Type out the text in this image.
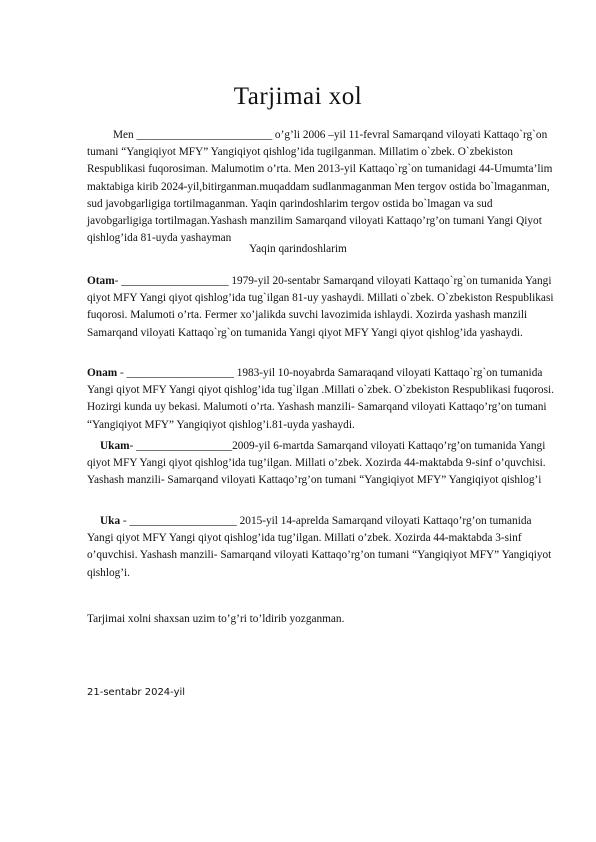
Tarjimai xol

Men ________________________ o’g’li 2006 –yil 11-fevral Samarqand viloyati Kattaqo`rg`on tumani “Yangiqiyot MFY” Yangiqiyot qishlog’ida tugilganman. Millatim o`zbek. O`zbekiston Respublikasi fuqorosiman. Malumotim o’rta. Men 2013-yil Kattaqo`rg`on tumanidagi 44-Umumta’lim maktabiga kirib 2024-yil,bitirganman.muqaddam sudlanmaganman Men tergov ostida bo`lmaganman, sud javobgarligiga tortilmaganman. Yaqin qarindoshlarim tergov ostida bo`lmagan va sud javobgarligiga tortilmagan.Yashash manzilim Samarqand viloyati Kattaqo’rg’on tumani Yangi Qiyot qishlog’ida 81-uyda yashayman

Yaqin qarindoshlarim

Otam- ___________________ 1979-yil 20-sentabr Samarqand viloyati Kattaqo`rg`on tumanida Yangi qiyot MFY Yangi qiyot qishlog’ida tug`ilgan 81-uy yashaydi. Millati o`zbek. O`zbekiston Respublikasi fuqorosi. Malumoti o’rta. Fermer xo’jalikda suvchi lavozimida ishlaydi. Xozirda yashash manzili Samarqand viloyati Kattaqo`rg`on tumanida Yangi qiyot MFY Yangi qiyot qishlog’ida yashaydi.

Onam - ___________________ 1983-yil 10-noyabrda Samaraqand viloyati Kattaqo`rg`on tumanida Yangi qiyot MFY Yangi qiyot qishlog’ida tug`ilgan .Millati o`zbek. O`zbekiston Respublikasi fuqorosi. Hozirgi kunda uy bekasi. Malumoti o’rta. Yashash manzili- Samarqand viloyati Kattaqo’rg’on tumani “Yangiqiyot MFY” Yangiqiyot qishlog’i.81-uyda yashaydi.

Ukam- _________________2009-yil 6-martda Samarqand viloyati Kattaqo’rg’on tumanida Yangi qiyot MFY Yangi qiyot qishlog’ida tug’ilgan. Millati o’zbek. Xozirda 44-maktabda 9-sinf o’quvchisi. Yashash manzili- Samarqand viloyati Kattaqo’rg’on tumani “Yangiqiyot MFY” Yangiqiyot qishlog’i

Uka - ___________________ 2015-yil 14-aprelda Samarqand viloyati Kattaqo’rg’on tumanida Yangi qiyot MFY Yangi qiyot qishlog’ida tug’ilgan. Millati o’zbek. Xozirda 44-maktabda 3-sinf o’quvchisi. Yashash manzili- Samarqand viloyati Kattaqo’rg’on tumani “Yangiqiyot MFY” Yangiqiyot qishlog’i.

Tarjimai xolni shaxsan uzim to’g’ri to’ldirib yozganman.

21-sentabr 2024-yil
